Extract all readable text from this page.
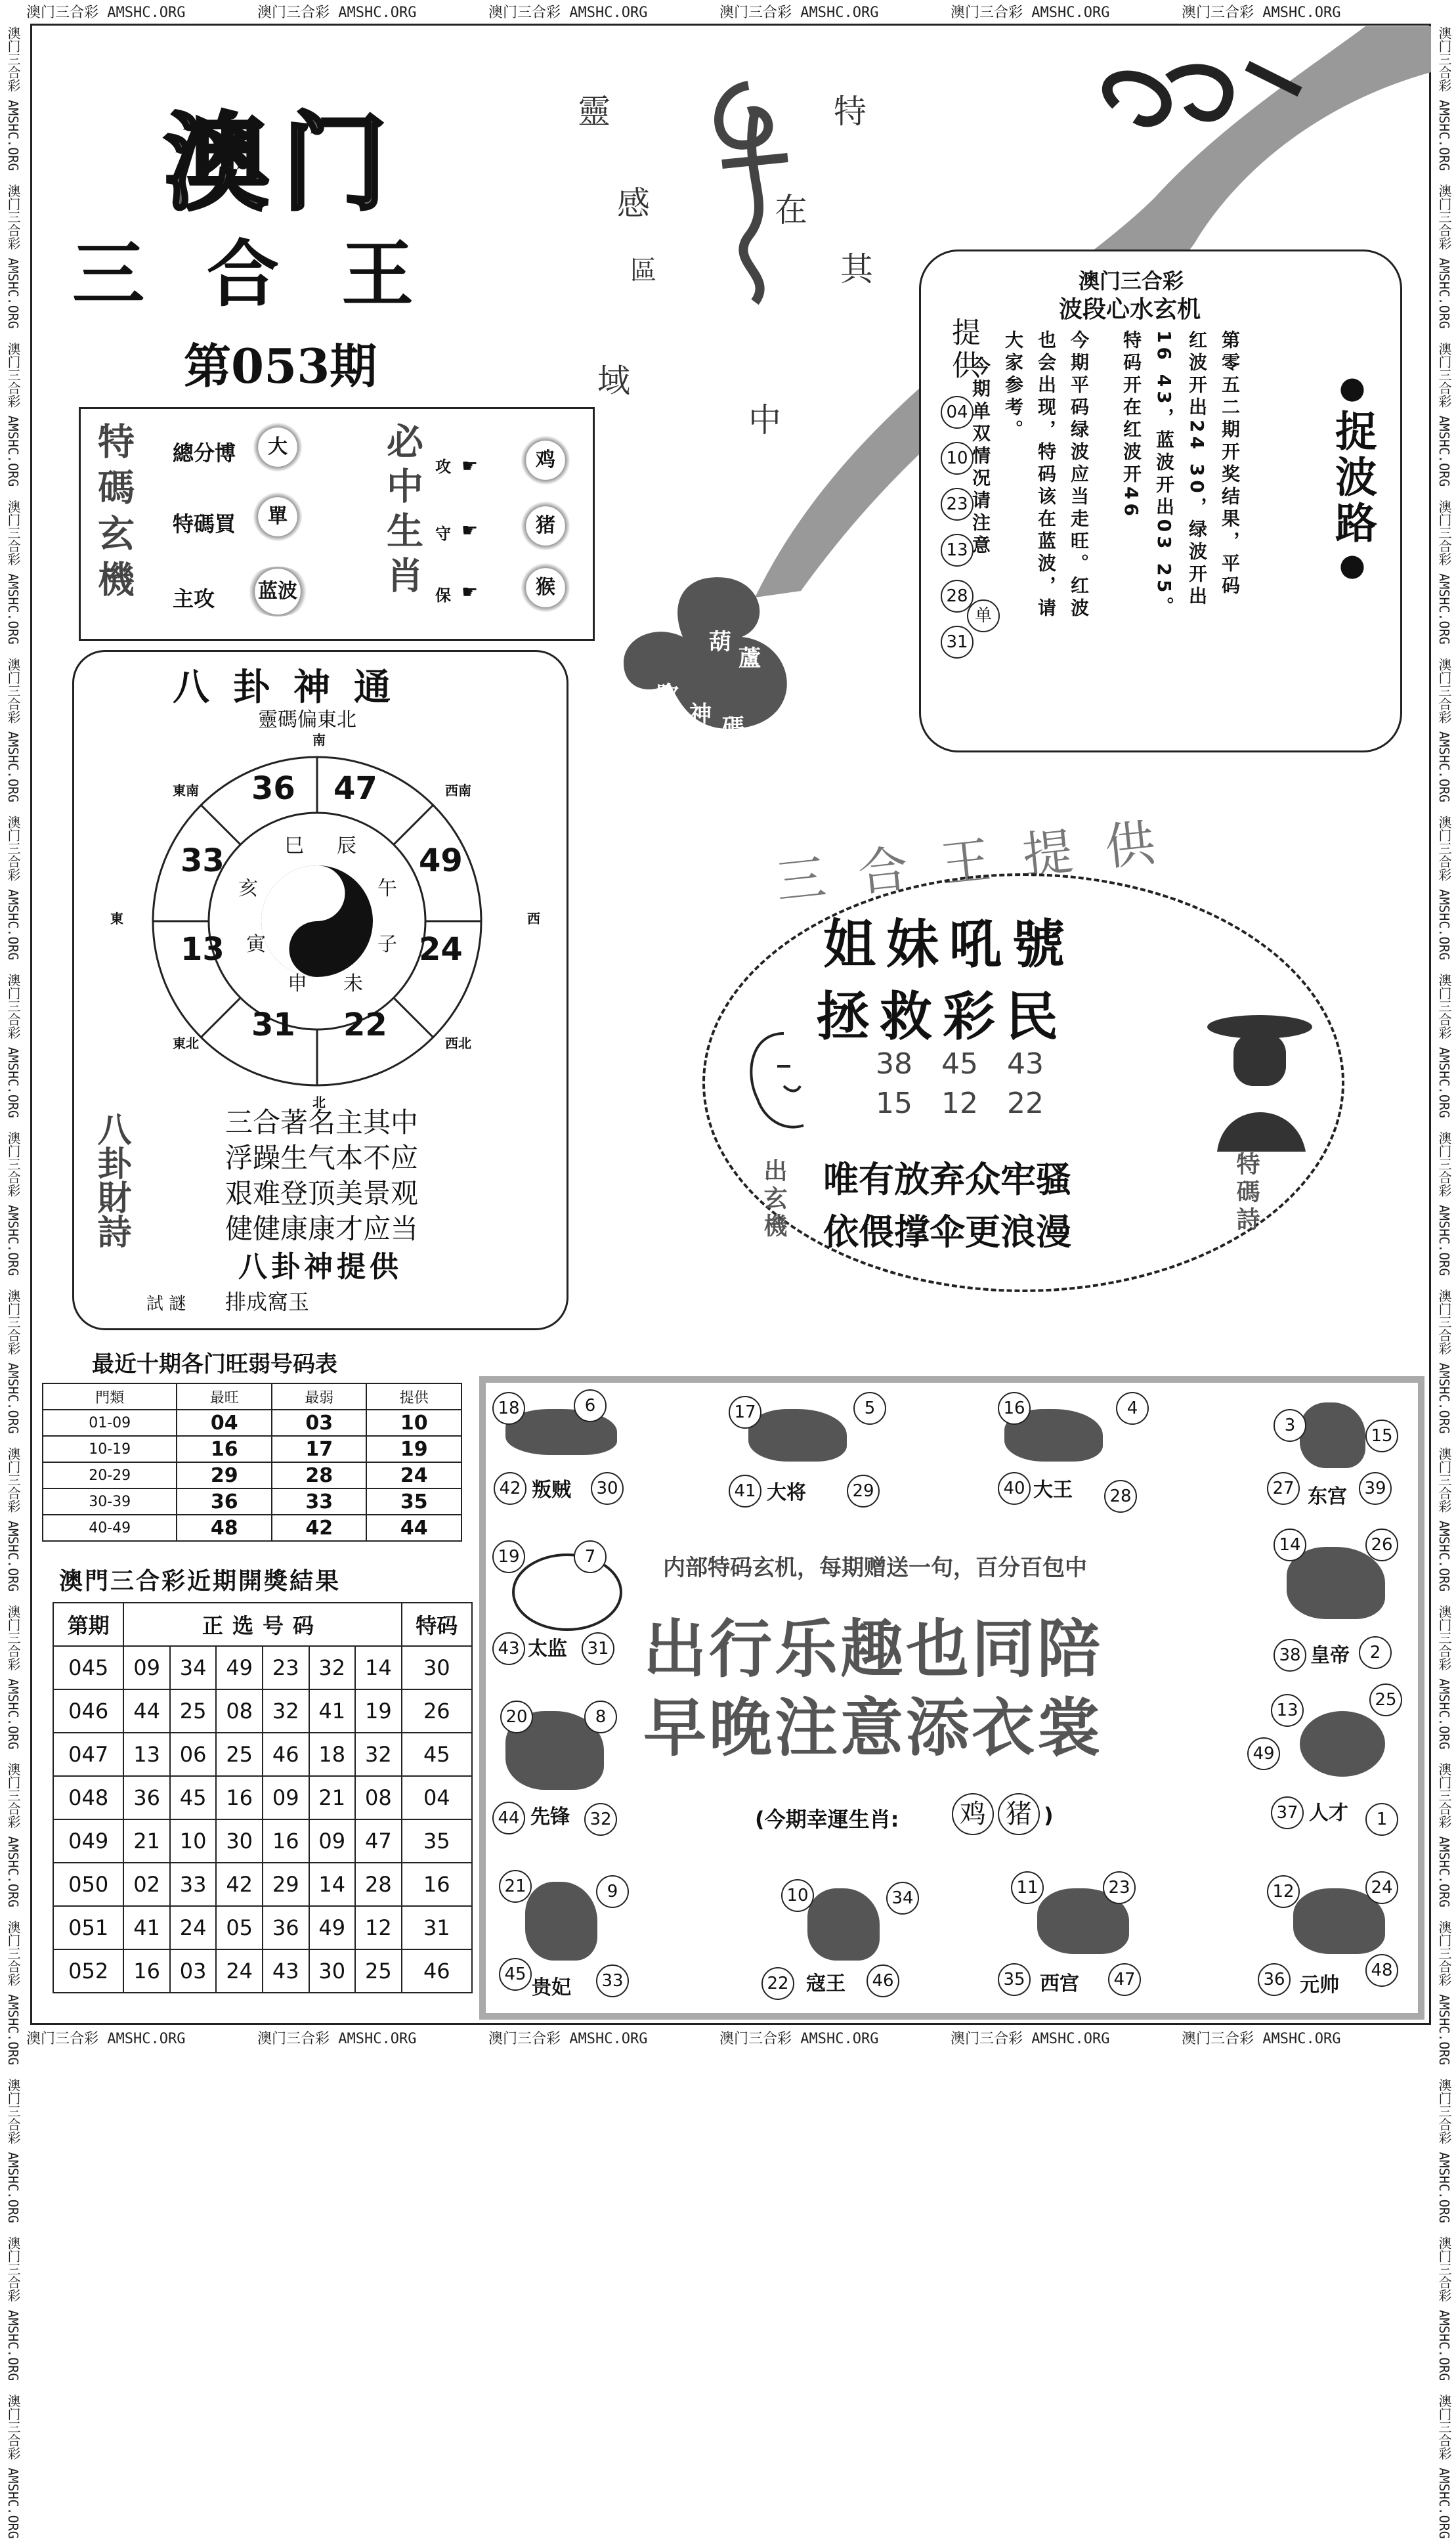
澳门三合彩 AMSHC.ORG	澳门三合彩 AMSHC.ORG	澳门三合彩 AMSHC.ORG	澳门三合彩 AMSHC.ORG	澳门三合彩 AMSHC.ORG	澳门三合彩 AMSHC.ORG
澳门三合彩 AMSHC.ORG	澳门三合彩 AMSHC.ORG	澳门三合彩 AMSHC.ORG	澳门三合彩 AMSHC.ORG	澳门三合彩 AMSHC.ORG	澳门三合彩 AMSHC.ORG
澳门三合彩 AMSHC.ORG　澳门三合彩 AMSHC.ORG　澳门三合彩 AMSHC.ORG　澳门三合彩 AMSHC.ORG　澳门三合彩 AMSHC.ORG　澳门三合彩 AMSHC.ORG　澳门三合彩 AMSHC.ORG　澳门三合彩 AMSHC.ORG　澳门三合彩 AMSHC.ORG　澳门三合彩 AMSHC.ORG　澳门三合彩 AMSHC.ORG　澳门三合彩 AMSHC.ORG　澳门三合彩 AMSHC.ORG　澳门三合彩 AMSHC.ORG　澳门三合彩 AMSHC.ORG　澳门三合彩 AMSHC.ORG
澳门三合彩 AMSHC.ORG　澳门三合彩 AMSHC.ORG　澳门三合彩 AMSHC.ORG　澳门三合彩 AMSHC.ORG　澳门三合彩 AMSHC.ORG　澳门三合彩 AMSHC.ORG　澳门三合彩 AMSHC.ORG　澳门三合彩 AMSHC.ORG　澳门三合彩 AMSHC.ORG　澳门三合彩 AMSHC.ORG　澳门三合彩 AMSHC.ORG　澳门三合彩 AMSHC.ORG　澳门三合彩 AMSHC.ORG　澳门三合彩 AMSHC.ORG　澳门三合彩 AMSHC.ORG　澳门三合彩 AMSHC.ORG
澳门
三合王
第053期
靈
感
區
域
特
在
其
中
葫
蘆
吹
神 碼
特碼玄機
總分博	大
特碼買	單
主攻	蓝波
必中生肖
攻 ☛	鸡
守 ☛	猪
保 ☛	猴
澳门三合彩
波段心水玄机
提供
04
10
23
13
28
31
第零五二期开奖结果，平码
红波开出24 30，绿波开出
16 43，蓝波开出03 25。
特码开在红波开46
今期平码绿波应当走旺。红波
也会出现，特码该在蓝波，请
大家参考。
今期单双情况请注意
单
●捉波路●
八卦神通
靈碼偏東北
36 47
49
24
22
31
13
33	巳 辰
午
子
未
申
寅
亥
南
西南
西
西北
北
東北
東
東南
八卦財詩
三合著名主其中
浮躁生气本不应
艰难登顶美景观
健健康康才应当
八卦神提供
試 謎 排成窩玉
三合王提供
姐妹吼號
拯救彩民
38　 45　 43
15　 12　 22
出玄機
特碼詩
唯有放弃众牢骚
依偎撑伞更浪漫
最近十期各门旺弱号码表
門類	最旺	最弱	提供
01-09	04	03	10
10-19	16	17	19
20-29	29	28	24
30-39	36	33	35
40-49	48	42	44
澳門三合彩近期開獎結果
第期	正选号码						特码
045	09	34	49	23	32	14	30
046	44	25	08	32	41	19	26
047	13	06	25	46	18	32	45
048	36	45	16	09	21	08	04
049	21	10	30	16	09	47	35
050	02	33	42	29	14	28	16
051	41	24	05	36	49	12	31
052	16	03	24	43	30	25	46
内部特码玄机，每期赠送一句，百分百包中
出行乐趣也同陪
早晚注意添衣裳
(今期幸運生肖:	鸡 猪 )
18	6
42 叛贼	30
17	5
41 大将	29
16	4
40 大王	28
3
15
27 东宫	39
19	7
43 太监	31
14	26
38 皇帝	2
20	8
44 先锋	32
13
25
49
37 人才	1
21	9
45
贵妃	33
10	34
22 寇王	46
11	23
35 西宫	47
12	24
36 元帅
48
